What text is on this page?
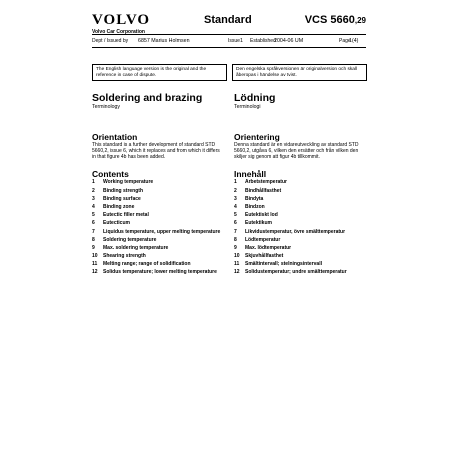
VOLVO
Volvo Car Corporation
Standard	VCS 5660,29
Dept / Issued by 6857 Marius Holmsen	Issue 1 Established
2004-06 UM	Page
1(4)
The English language version is the original and the reference in case of dispute.
Den engelska språkversionen är originalversion och skall åberopas i händelse av tvist.
Soldering and brazing
Terminology
Orientation
This standard is a further development of standard STD 5660,2, issue 6, which it replaces and from which it differs in that figure 4b has been added.
Contents
1	Working temperature
2	Binding strength
3	Binding surface
4	Binding zone
5	Eutectic filler metal
6	Eutecticum
7	Liquidus temperature, upper melting temperature
8	Soldering temperature
9	Max. soldering temperature
10	Shearing strength
11	Melting range; range of solidification
12	Solidus temperature; lower melting temperature
Lödning
Terminologi
Orientering
Denna standard är en vidareutveckling av standard STD 5660,2, utgåva 6, vilken den ersätter och från vilken den skiljer sig genom att figur 4b tillkommit.
Innehåll
1	Arbetstemperatur
2	Bindhållfasthet
3	Bindyta
4	Bindzon
5	Eutektiskt lod
6	Eutektikum
7	Likvidustemperatur, övre smälttemperatur
8	Lödtemperatur
9	Max. lödtemperatur
10	Skjuvhållfasthet
11	Smältintervall; stelningsintervall
12	Solidustemperatur; undre smälttemperatur
